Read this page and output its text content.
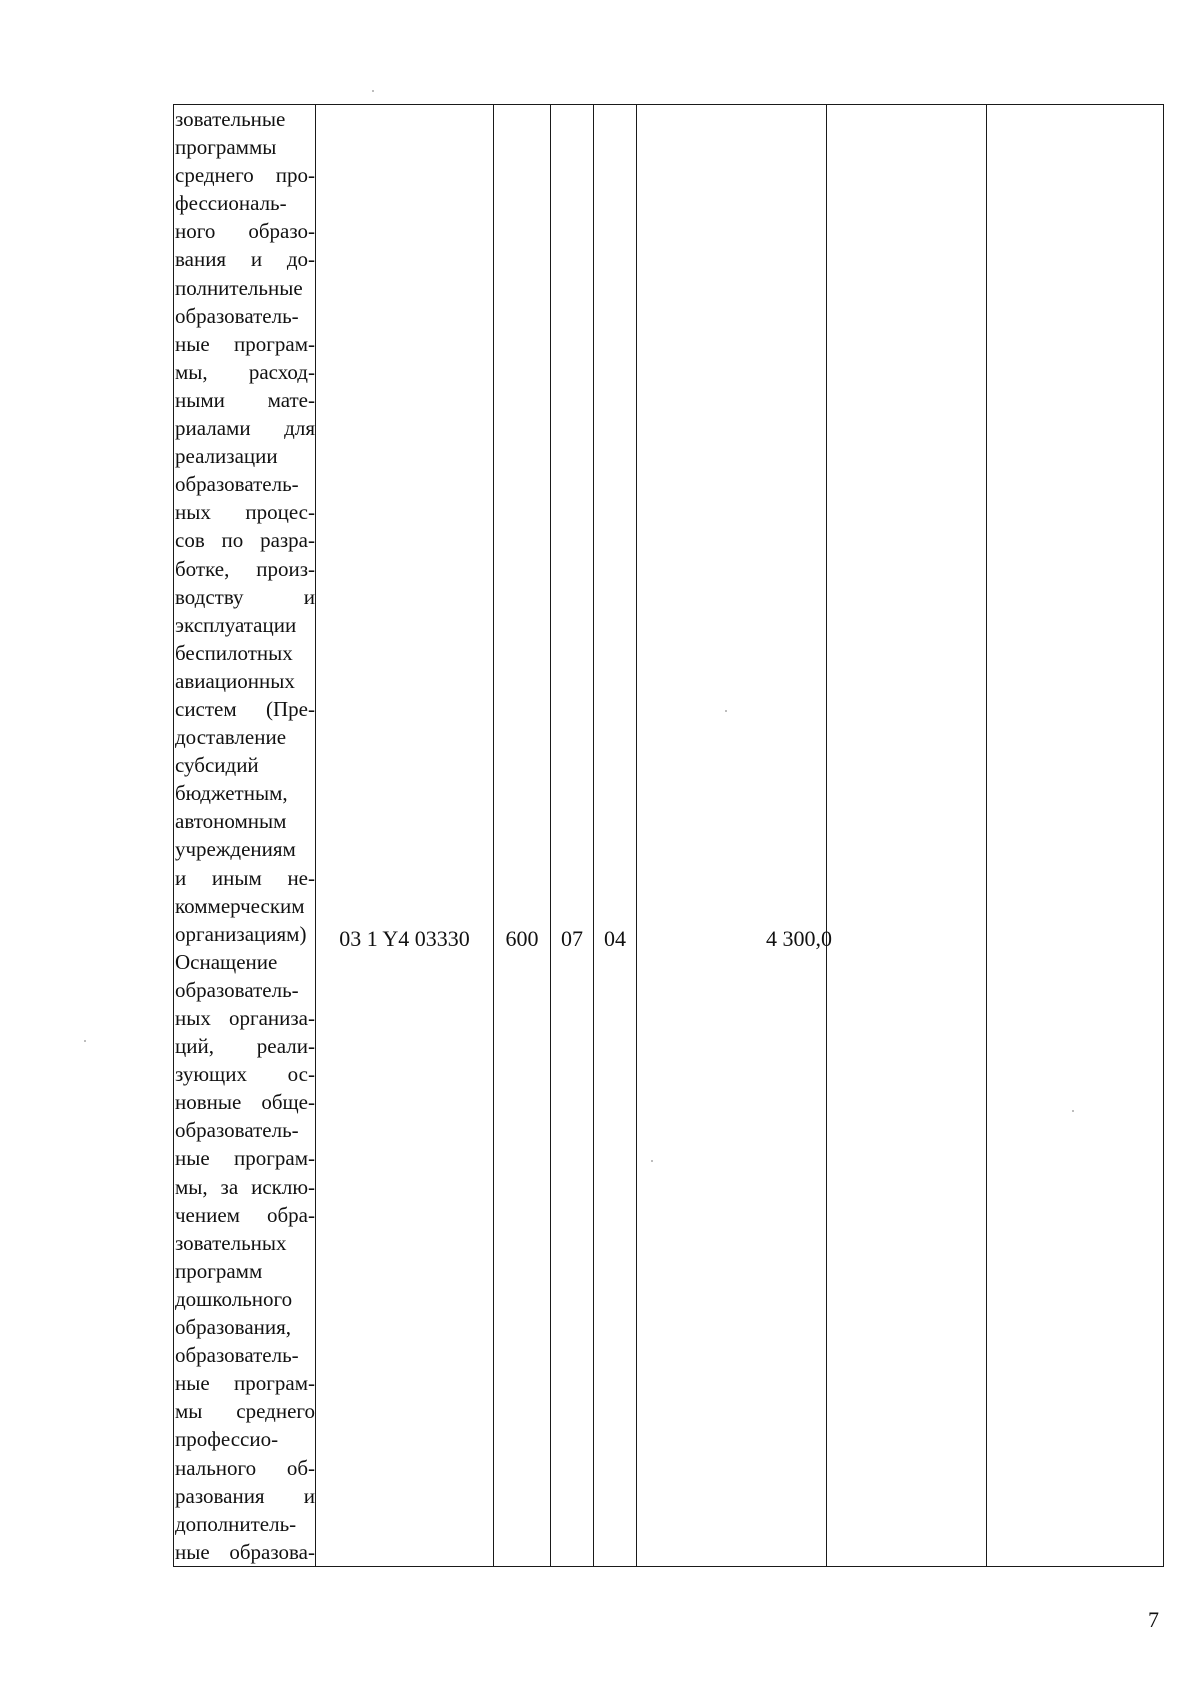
зовательные
программы
среднего про-
фессиональ-
ного образо-
вания и до-
полнительные
образователь-
ные програм-
мы, расход-
ными мате-
риалами для
реализации
образователь-
ных процес-
сов по разра-
ботке, произ-
водству и
эксплуатации
беспилотных
авиационных
систем (Пре-
доставление
субсидий
бюджетным,
автономным
учреждениям
и иным не-
коммерческим
организациям)
Оснащение
образователь-
ных организа-
ций, реали-
зующих ос-
новные обще-
образователь-
ные програм-
мы, за исклю-
чением обра-
зовательных
программ
дошкольного
образования,
образователь-
ные програм-
мы среднего
профессио-
нального об-
разования и
дополнитель-
ные образова-

03 1 Y4 03330	600	07	04	4 300,0

7
